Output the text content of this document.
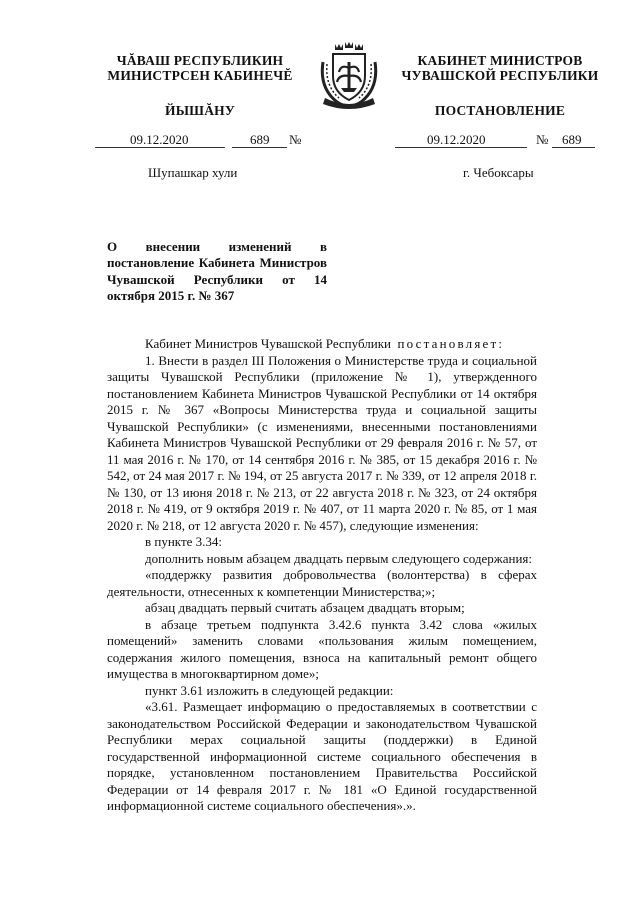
ЧĂВАШ РЕСПУБЛИКИН
МИНИСТРСЕН КАБИНЕЧĔ
ЙЫШĂНУ
КАБИНЕТ МИНИСТРОВ
ЧУВАШСКОЙ РЕСПУБЛИКИ
ПОСТАНОВЛЕНИЕ
09.12.2020	689 №	09.12.2020	№ 689
Шупашкар хули	г. Чебоксары
О внесении изменений в постановление Кабинета Министров Чувашской Республики от 14 октября 2015 г. № 367

Кабинет Министров Чувашской Республики постановляет:

1. Внести в раздел III Положения о Министерстве труда и социальной защиты Чувашской Республики (приложение № 1), утвержденного постановлением Кабинета Министров Чувашской Республики от 14 октября 2015 г. № 367 «Вопросы Министерства труда и социальной защиты Чувашской Республики» (с изменениями, внесенными постановлениями Кабинета Министров Чувашской Республики от 29 февраля 2016 г. № 57, от 11 мая 2016 г. № 170, от 14 сентября 2016 г. № 385, от 15 декабря 2016 г. № 542, от 24 мая 2017 г. № 194, от 25 августа 2017 г. № 339, от 12 апреля 2018 г. № 130, от 13 июня 2018 г. № 213, от 22 августа 2018 г. № 323, от 24 октября 2018 г. № 419, от 9 октября 2019 г. № 407, от 11 марта 2020 г. № 85, от 1 мая 2020 г. № 218, от 12 августа 2020 г. № 457), следующие изменения:

в пункте 3.34:

дополнить новым абзацем двадцать первым следующего содержания:

«поддержку развития добровольчества (волонтерства) в сферах деятельности, отнесенных к компетенции Министерства;»;

абзац двадцать первый считать абзацем двадцать вторым;

в абзаце третьем подпункта 3.42.6 пункта 3.42 слова «жилых помещений» заменить словами «пользования жилым помещением, содержания жилого помещения, взноса на капитальный ремонт общего имущества в многоквартирном доме»;

пункт 3.61 изложить в следующей редакции:

«3.61. Размещает информацию о предоставляемых в соответствии с законодательством Российской Федерации и законодательством Чувашской Республики мерах социальной защиты (поддержки) в Единой государственной информационной системе социального обеспечения в порядке, установленном постановлением Правительства Российской Федерации от 14 февраля 2017 г. № 181 «О Единой государственной информационной системе социального обеспечения».».
